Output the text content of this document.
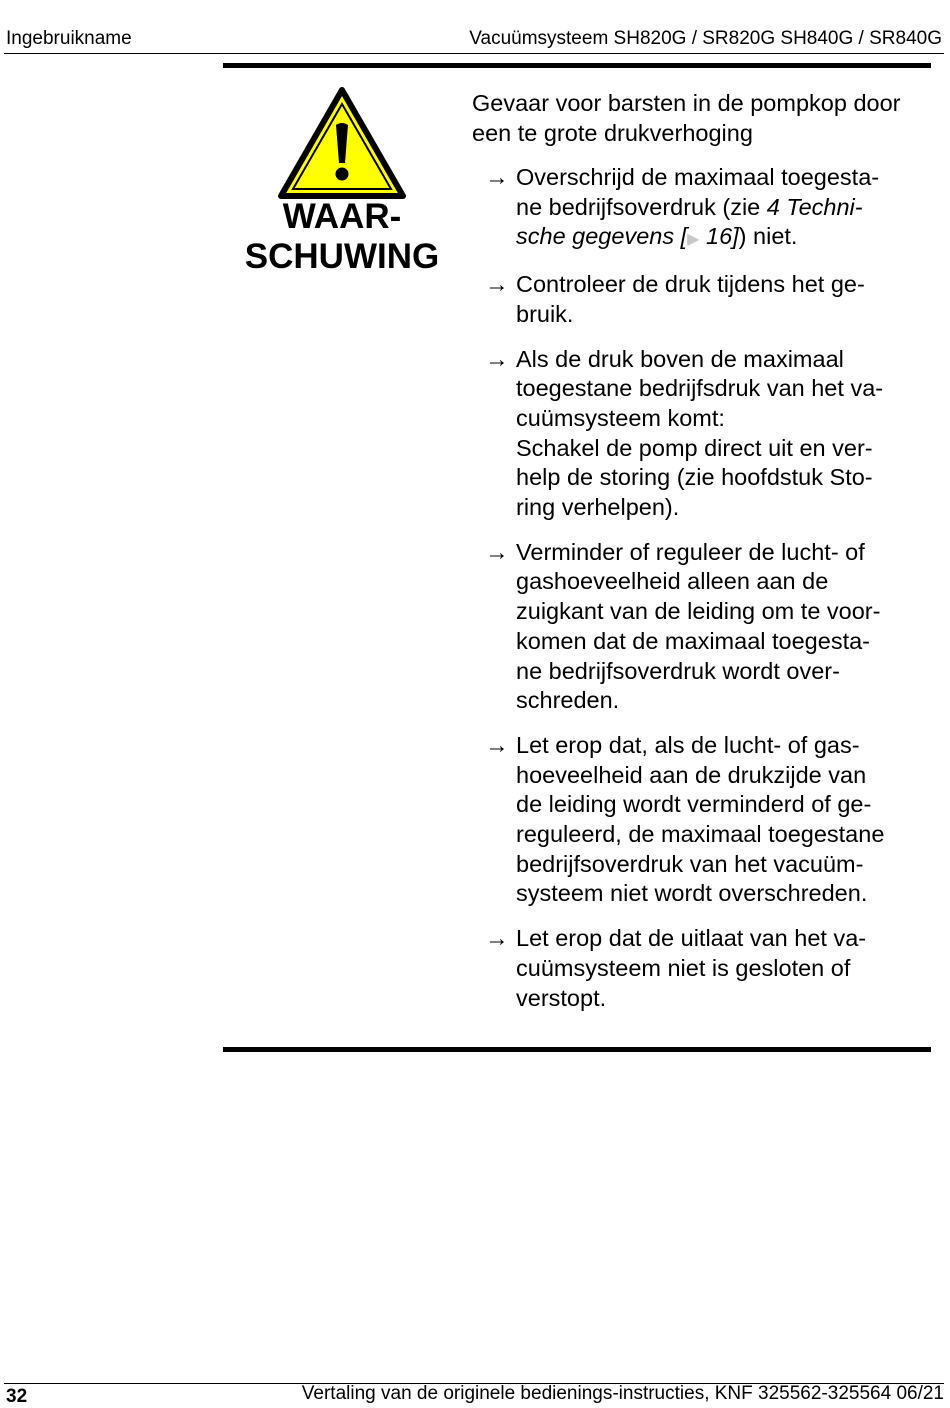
Ingebruikname	Vacuümsysteem SH820G / SR820G SH840G / SR840G
WAAR-
SCHUWING
Gevaar voor barsten in de pompkop door een te grote drukverhoging
→ Overschrijd de maximaal toegesta-
ne bedrijfsoverdruk (zie 4 Techni-
sche gegevens [▶ 16]) niet.
→ Controleer de druk tijdens het ge-
bruik.
→ Als de druk boven de maximaal
toegestane bedrijfsdruk van het va-
cuümsysteem komt:
Schakel de pomp direct uit en ver-
help de storing (zie hoofdstuk Sto-
ring verhelpen).
→ Verminder of reguleer de lucht- of
gashoeveelheid alleen aan de
zuigkant van de leiding om te voor-
komen dat de maximaal toegesta-
ne bedrijfsoverdruk wordt over-
schreden.
→ Let erop dat, als de lucht- of gas-
hoeveelheid aan de drukzijde van
de leiding wordt verminderd of ge-
reguleerd, de maximaal toegestane
bedrijfsoverdruk van het vacuüm-
systeem niet wordt overschreden.
→ Let erop dat de uitlaat van het va-
cuümsysteem niet is gesloten of
verstopt.
32	Vertaling van de originele bedienings-instructies, KNF 325562-325564 06/21
